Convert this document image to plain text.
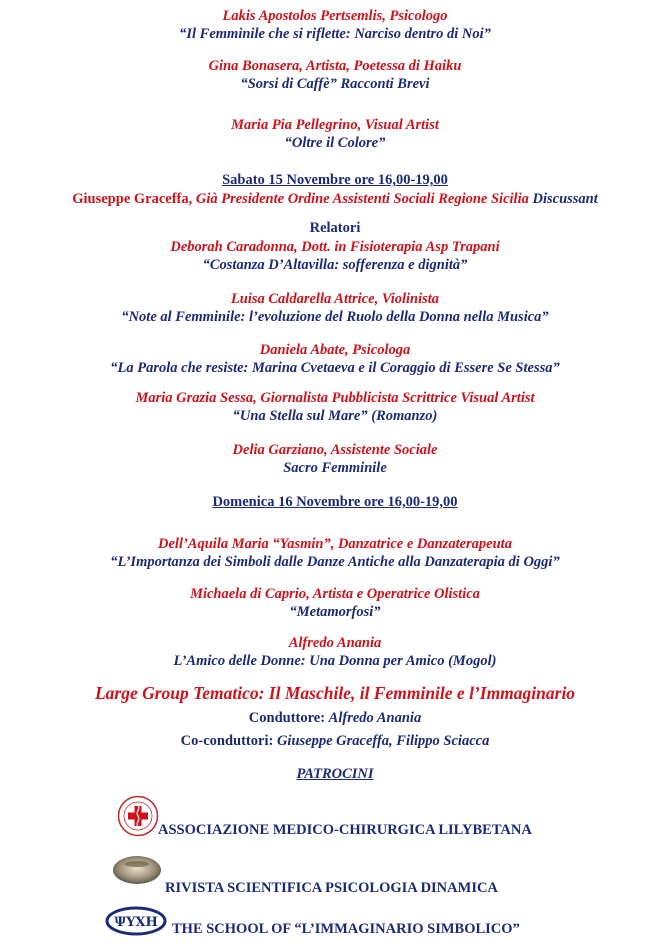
Lakis Apostolos Pertsemlis, Psicologo
“Il Femminile che si riflette: Narciso dentro di Noi”
Gina Bonasera, Artista, Poetessa di Haiku
“Sorsi di Caffè” Racconti Brevi
Maria Pia Pellegrino, Visual Artist
“Oltre il Colore”
Sabato 15 Novembre ore 16,00-19,00
Giuseppe Graceffa, Già Presidente Ordine Assistenti Sociali Regione Sicilia Discussant
Relatori
Deborah Caradonna, Dott. in Fisioterapia Asp Trapani
“Costanza D’Altavilla: sofferenza e dignità”
Luisa Caldarella Attrice, Violinista
“Note al Femminile: l’evoluzione del Ruolo della Donna nella Musica”
Daniela Abate, Psicologa
“La Parola che resiste: Marina Cvetaeva e il Coraggio di Essere Se Stessa”
Maria Grazia Sessa, Giornalista Pubblicista Scrittrice Visual Artist
“Una Stella sul Mare” (Romanzo)
Delia Garziano, Assistente Sociale
Sacro Femminile
Domenica 16 Novembre ore 16,00-19,00
Dell’Aquila Maria “Yasmin”, Danzatrice e Danzaterapeuta
“L’Importanza dei Simboli dalle Danze Antiche alla Danzaterapia di Oggi”
Michaela di Caprio, Artista e Operatrice Olistica
“Metamorfosi”
Alfredo Anania
L’Amico delle Donne: Una Donna per Amico (Mogol)
Large Group Tematico: Il Maschile, il Femminile e l’Immaginario
Conduttore: Alfredo Anania
Co-conduttori: Giuseppe Graceffa, Filippo Sciacca
PATROCINI
ASSOCIAZIONE MEDICO-CHIRURGICA LILYBETANA
RIVISTA SCIENTIFICA PSICOLOGIA DINAMICA
ΨΥΧΗ THE SCHOOL OF “L’IMMAGINARIO SIMBOLICO”
